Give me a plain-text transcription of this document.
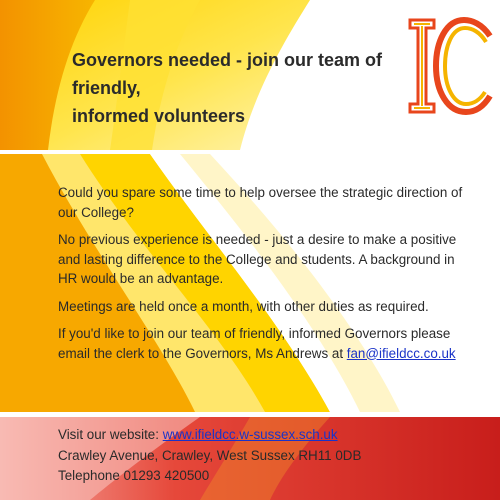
Governors needed - join our team of friendly,
informed volunteers

Could you spare some time to help oversee the strategic direction of our College?

No previous experience is needed - just a desire to make a positive and lasting difference to the College and students. A background in HR would be an advantage.

Meetings are held once a month, with other duties as required.

If you'd like to join our team of friendly, informed Governors please email the clerk to the Governors, Ms Andrews at fan@ifieldcc.co.uk

Visit our website: www.ifieldcc.w-sussex.sch.uk
Crawley Avenue, Crawley, West Sussex RH11 0DB
Telephone 01293 420500
